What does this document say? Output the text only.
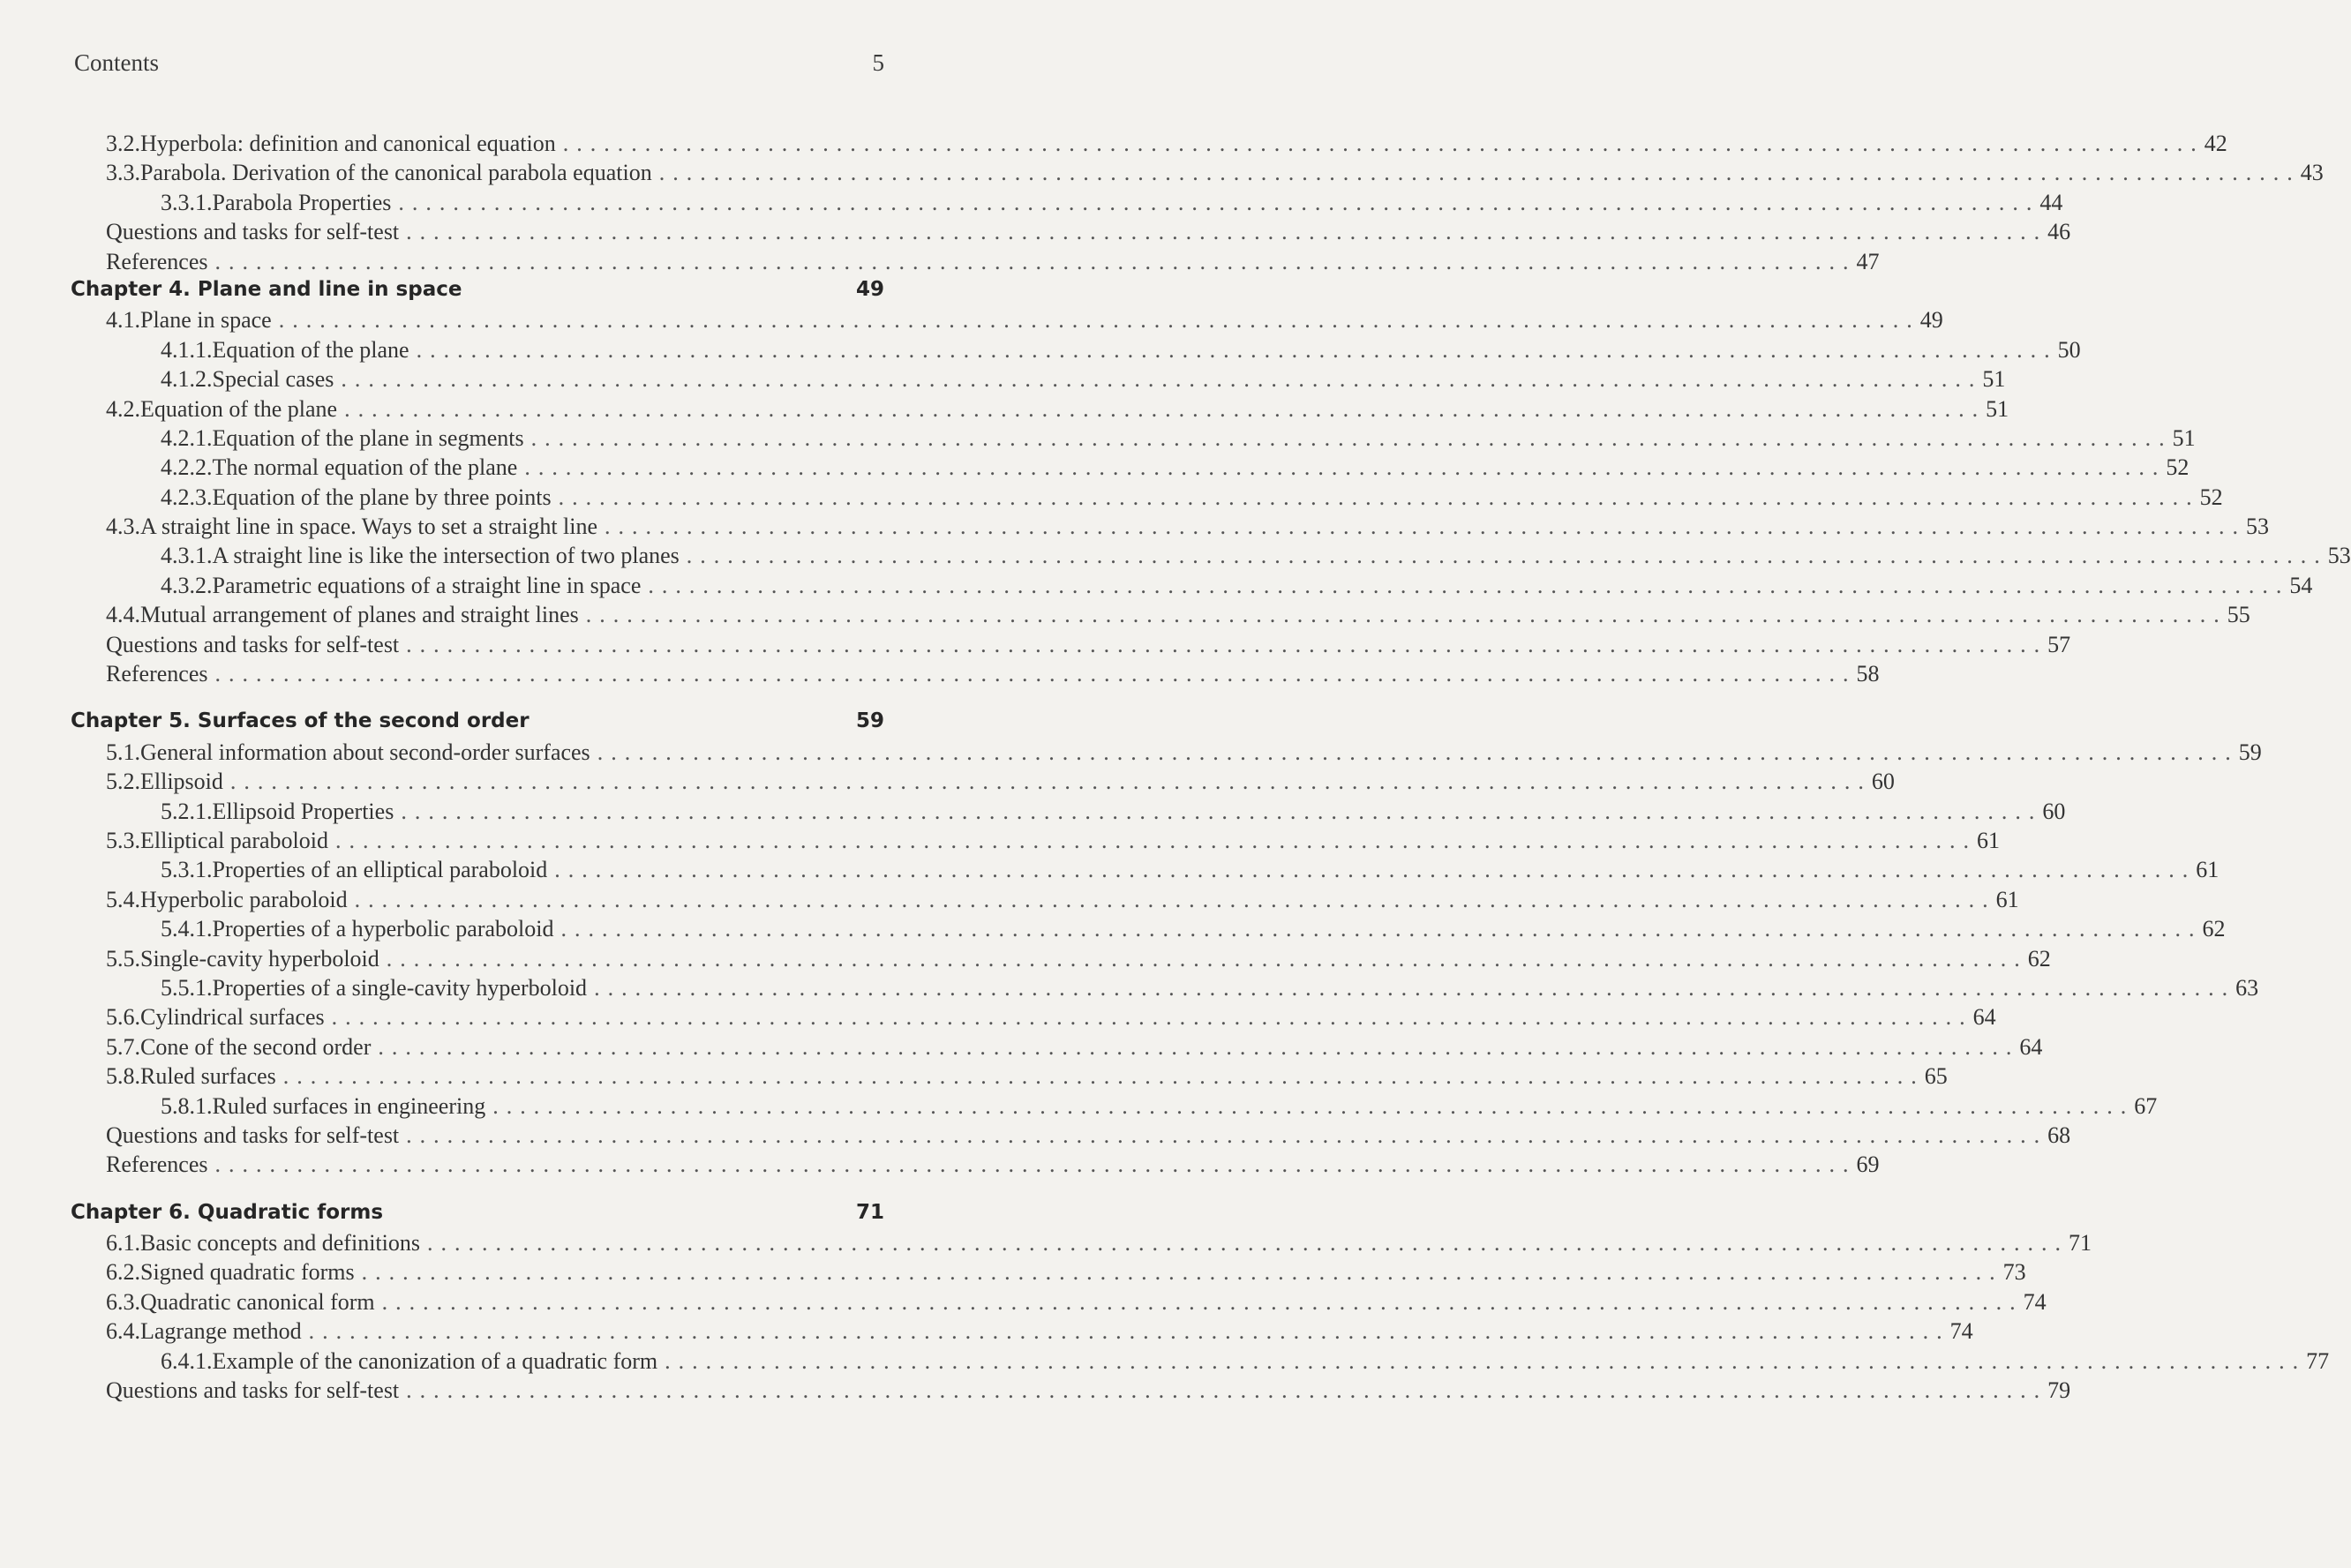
Contents	5
3.2. Hyperbola: definition and canonical equation ........................................................................................................................ 42
3.3. Parabola. Derivation of the canonical parabola equation ........................................................................................................................ 43
3.3.1. Parabola Properties ........................................................................................................................ 44
Questions and tasks for self-test ........................................................................................................................ 46
References ........................................................................................................................ 47
Chapter 4. Plane and line in space	49
4.1. Plane in space ........................................................................................................................ 49
4.1.1. Equation of the plane ........................................................................................................................ 50
4.1.2. Special cases ........................................................................................................................ 51
4.2. Equation of the plane ........................................................................................................................ 51
4.2.1. Equation of the plane in segments ........................................................................................................................ 51
4.2.2. The normal equation of the plane ........................................................................................................................ 52
4.2.3. Equation of the plane by three points ........................................................................................................................ 52
4.3. A straight line in space. Ways to set a straight line ........................................................................................................................ 53
4.3.1. A straight line is like the intersection of two planes ........................................................................................................................ 53
4.3.2. Parametric equations of a straight line in space ........................................................................................................................ 54
4.4. Mutual arrangement of planes and straight lines ........................................................................................................................ 55
Questions and tasks for self-test ........................................................................................................................ 57
References ........................................................................................................................ 58
Chapter 5. Surfaces of the second order	59
5.1. General information about second-order surfaces ........................................................................................................................ 59
5.2. Ellipsoid ........................................................................................................................ 60
5.2.1. Ellipsoid Properties ........................................................................................................................ 60
5.3. Elliptical paraboloid ........................................................................................................................ 61
5.3.1. Properties of an elliptical paraboloid ........................................................................................................................ 61
5.4. Hyperbolic paraboloid ........................................................................................................................ 61
5.4.1. Properties of a hyperbolic paraboloid ........................................................................................................................ 62
5.5. Single-cavity hyperboloid ........................................................................................................................ 62
5.5.1. Properties of a single-cavity hyperboloid ........................................................................................................................ 63
5.6. Cylindrical surfaces ........................................................................................................................ 64
5.7. Cone of the second order ........................................................................................................................ 64
5.8. Ruled surfaces ........................................................................................................................ 65
5.8.1. Ruled surfaces in engineering ........................................................................................................................ 67
Questions and tasks for self-test ........................................................................................................................ 68
References ........................................................................................................................ 69
Chapter 6. Quadratic forms	71
6.1. Basic concepts and definitions ........................................................................................................................ 71
6.2. Signed quadratic forms ........................................................................................................................ 73
6.3. Quadratic canonical form ........................................................................................................................ 74
6.4. Lagrange method ........................................................................................................................ 74
6.4.1. Example of the canonization of a quadratic form ........................................................................................................................ 77
Questions and tasks for self-test ........................................................................................................................ 79
